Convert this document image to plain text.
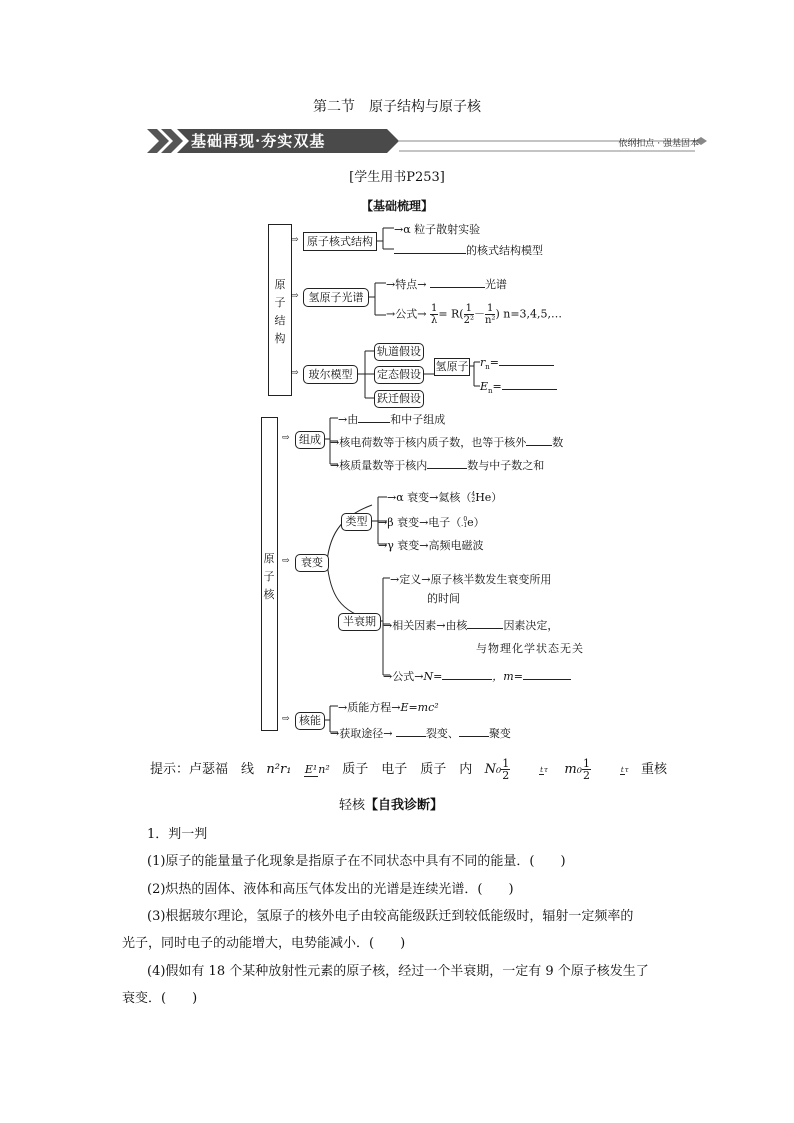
第二节　原子结构与原子核
基础再现·夯实双基	依纲扣点 · 强基固本
[学生用书P253]
【基础梳理】
原
子
结
构
⇨ 原子核式结构
→α 粒子散射实验
的核式结构模型
⇨ 氢原子光谱
→特点→	光谱
→公式→ $\frac{1}{\lambda} = R( \frac{1}{\text{2²}} - \frac{1}{\text{n²}}$ ) n=3,4,5,…
⇨ 玻尔模型
轨道假设
定态假设
跃迁假设
氢原子 $r_n=$
$E_n=$
原
子
核
⇨ 组成
→由	和中子组成
→核电荷数等于核内质子数，也等于核外 数
→核质量数等于核内	数与中子数之和
⇨	衰变
类型
→α 衰变→氦核（ 4
2 He）
→β 衰变→电子（ 0
-1 e）
→γ 衰变→高频电磁波
半衰期
→定义→原子核半数发生衰变所用
的时间
→相关因素→由核	因素决定，
与物理化学状态无关
→公式→N=	，m=
⇨ 核能
→质能方程→E=mc²
→获取途径→	裂变、	聚变
提示：卢瑟福　线 n²r₁ E¹n² 质子　电子　质子　内 $N_0 \frac{1}{2}$	tτ $m_0 \frac{1}{2}$	tτ 重核
轻核【自我诊断】
1．判一判
(1)原子的能量量子化现象是指原子在不同状态中具有不同的能量．(　　)
(2)炽热的固体、液体和高压气体发出的光谱是连续光谱．(　　)
(3)根据玻尔理论，氢原子的核外电子由较高能级跃迁到较低能级时，辐射一定频率的
光子，同时电子的动能增大，电势能减小．(　　)
(4)假如有 18 个某种放射性元素的原子核，经过一个半衰期，一定有 9 个原子核发生了
衰变．(　　)
